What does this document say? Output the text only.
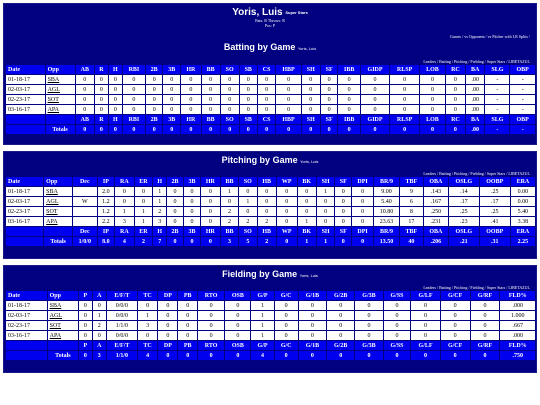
Yoris, Luis Super Stars
Bats: R Throws: R
Pos: P
Games / vs Opponent / vs Pitcher with LR Splits /
Batting by Game Yoris, Luis
Leaders / Batting / Pitching / Fielding / Super Stars / LIBETAZUL
Date	Opp	AB	R	H	RBI	2B	3B	HR	BB	SO	SB	CS	HBP	SH	SF	IBB	GIDP	RLSP	LOB	RC	BA	SLG	OBP
01-18-17	SBA	0	0	0	0	0	0	0	0	0	0	0	0	0	0	0	0	0	0	0	.00	-	-
02-03-17	AGL	0	0	0	0	0	0	0	0	0	0	0	0	0	0	0	0	0	0	0	.00	-	-
02-23-17	SOT	0	0	0	0	0	0	0	0	0	0	0	0	0	0	0	0	0	0	0	.00	-	-
03-16-17	APA	0	0	0	0	0	0	0	0	0	0	0	0	0	0	0	0	0	0	0	.00	-	-
		AB	R	H	RBI	2B	3B	HR	BB	SO	SB	CS	HBP	SH	SF	IBB	GIDP	RLSP	LOB	RC	BA	SLG	OBP
	Totals	0	0	0	0	0	0	0	0	0	0	0	0	0	0	0	0	0	0	0	.00	-	-
Pitching by Game Yoris, Luis
Leaders / Batting / Pitching / Fielding / Super Stars / LIBETAZUL
Date	Opp	Dec	IP	RA	ER	H	2B	3B	HR	BB	SO	HB	WP	BK	SH	SF	DPI	BR/9	TBF	OBA	OSLG	OOBP	ERA
01-18-17	SBA		2.0	0	0	1	0	0	0	1	0	0	0	0	1	0	0	9.00	9	.143	.14	.25	0.00
02-03-17	AGL	W	1.2	0	0	1	0	0	0	0	1	0	0	0	0	0	0	5.40	6	.167	.17	.17	0.00
02-23-17	SOT		1.2	1	1	2	0	0	0	2	0	0	0	0	0	0	0	10.80	8	.250	.25	.25	5.40
03-16-17	APA		2.2	3	1	3	0	0	0	2	2	2	0	1	0	0	0	23.63	17	.231	.23	.41	3.38
		Dec	IP	RA	ER	H	2B	3B	HR	BB	SO	HB	WP	BK	SH	SF	DPI	BR/9	TBF	OBA	OSLG	OOBP	ERA
	Totals	1/0/0	8.0	4	2	7	0	0	0	3	5	2	0	1	1	0	0	13.50	40	.206	.21	.31	2.25
Fielding by Game Yoris, Luis
Leaders / Batting / Pitching / Fielding / Super Stars / LIBETAZUL
Date	Opp	P	A	E/F/T	TC	DP	PB	RTO	OSB	G/P	G/C	G/1B	G/2B	G/3B	G/SS	G/LF	G/CF	G/RF	FLD%
01-18-17	SBA	0	0	0/0/0	0	0	0	0	0	1	0	0	0	0	0	0	0	0	.000
02-03-17	AGL	0	1	0/0/0	1	0	0	0	0	1	0	0	0	0	0	0	0	0	1.000
02-23-17	SOT	0	2	1/1/0	3	0	0	0	0	1	0	0	0	0	0	0	0	0	.667
03-16-17	APA	0	0	0/0/0	0	0	0	0	0	1	0	0	0	0	0	0	0	0	.000
		P	A	E/F/T	TC	DP	PB	RTO	OSB	G/P	G/C	G/1B	G/2B	G/3B	G/SS	G/LF	G/CF	G/RF	FLD%
	Totals	0	3	1/1/0	4	0	0	0	0	4	0	0	0	0	0	0	0	0	.750
